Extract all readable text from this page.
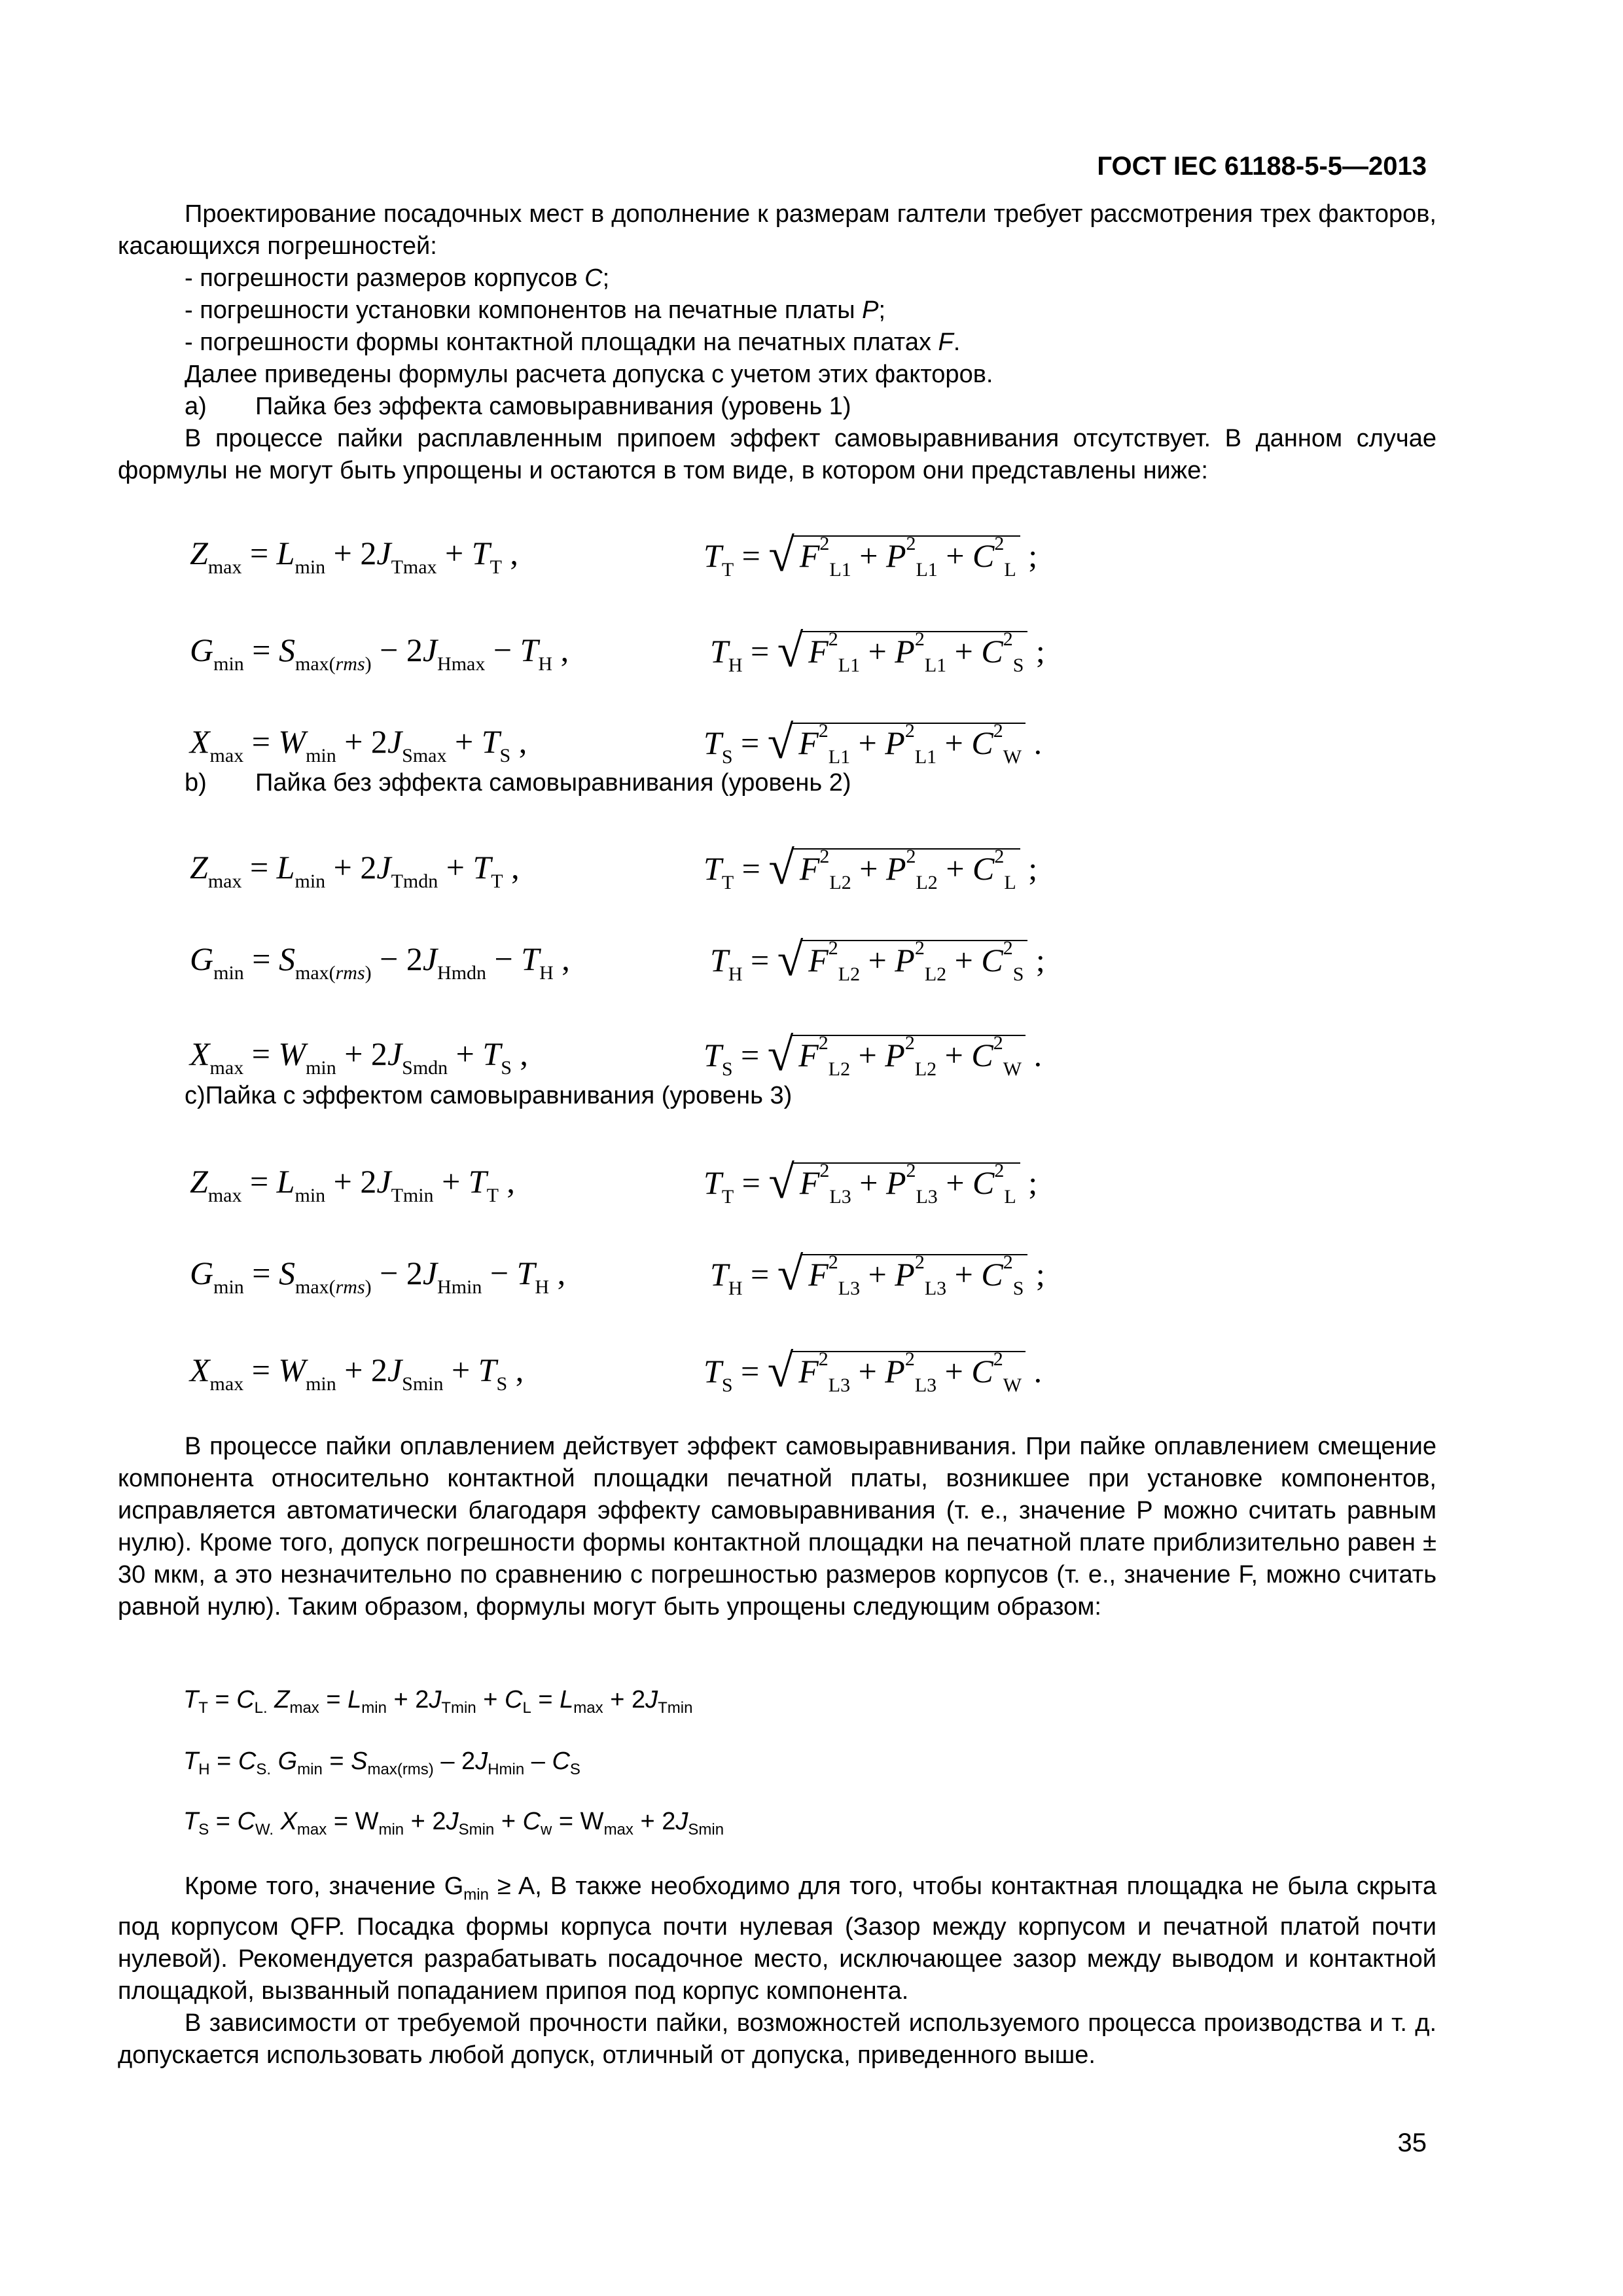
ГОСТ IEC 61188-5-5—2013

Проектирование посадочных мест в дополнение к размерам галтели требует рассмотрения трех факторов, касающихся погрешностей:

- погрешности размеров корпусов C;

- погрешности установки компонентов на печатные платы P;

- погрешности формы контактной площадки на печатных платах F.

Далее приведены формулы расчета допуска с учетом этих факторов.

a) Пайка без эффекта самовыравнивания (уровень 1)

В процессе пайки расплавленным припоем эффект самовыравнивания отсутствует. В данном случае формулы не могут быть упрощены и остаются в том виде, в котором они представлены ниже:

$Z_{max} = L_{min} + 2J_{Tmax} + T_T$ ,	$T_T$ = √ $F^2_{L1} + P^2_{L1} + C^2_L$ ;
$G_{min} = S_{max(rms)} - 2J_{Hmax} - T_H$ ,	$T_H$ = √ $F^2_{L1} + P^2_{L1} + C^2_S$ ;
$X_{max} = W_{min} + 2J_{Smax} + T_S$ ,	$T_S$ = √ $F^2_{L1} + P^2_{L1} + C^2_W$ .

b) Пайка без эффекта самовыравнивания (уровень 2)

$Z_{max} = L_{min} + 2J_{Tmdn} + T_T$ ,	$T_T$ = √ $F^2_{L2} + P^2_{L2} + C^2_L$ ;
$G_{min} = S_{max(rms)} - 2J_{Hmdn} - T_H$ ,	$T_H$ = √ $F^2_{L2} + P^2_{L2} + C^2_S$ ;
$X_{max} = W_{min} + 2J_{Smdn} + T_S$ ,	$T_S$ = √ $F^2_{L2} + P^2_{L2} + C^2_W$ .

c)Пайка с эффектом самовыравнивания (уровень 3)

$Z_{max} = L_{min} + 2J_{Tmin} + T_T$ ,	$T_T$ = √ $F^2_{L3} + P^2_{L3} + C^2_L$ ;
$G_{min} = S_{max(rms)} - 2J_{Hmin} - T_H$ ,	$T_H$ = √ $F^2_{L3} + P^2_{L3} + C^2_S$ ;
$X_{max} = W_{min} + 2J_{Smin} + T_S$ ,	$T_S$ = √ $F^2_{L3} + P^2_{L3} + C^2_W$ .

В процессе пайки оплавлением действует эффект самовыравнивания. При пайке оплавлением смещение компонента относительно контактной площадки печатной платы, возникшее при установке компонентов, исправляется автоматически благодаря эффекту самовыравнивания (т. е., значение P можно считать равным нулю). Кроме того, допуск погрешности формы контактной площадки на печатной плате приблизительно равен ± 30 мкм, а это незначительно по сравнению с погрешностью размеров корпусов (т. е., значение F, можно считать равной нулю). Таким образом, формулы могут быть упрощены следующим образом:

$T_T = C_{L.}$ $Z_{max} = L_{min} + 2J_{Tmin} + C_L = L_{max} + 2J_{Tmin}$
$T_H = C_{S.}$ $G_{min} = S_{max(rms)} - 2J_{Hmin} - C_S$
$T_S = C_{W.}$ $X_{max} = W_{min} + 2J_{Smin} + C_w = W_{max} + 2J_{Smin}$

Кроме того, значение $G_{min} \ge A$, B также необходимо для того, чтобы контактная площадка не была скрыта под корпусом QFP. Посадка формы корпуса почти нулевая (Зазор между корпусом и печатной платой почти нулевой). Рекомендуется разрабатывать посадочное место, исключающее зазор между выводом и контактной площадкой, вызванный попаданием припоя под корпус компонента.

В зависимости от требуемой прочности пайки, возможностей используемого процесса производства и т. д. допускается использовать любой допуск, отличный от допуска, приведенного выше.

35
